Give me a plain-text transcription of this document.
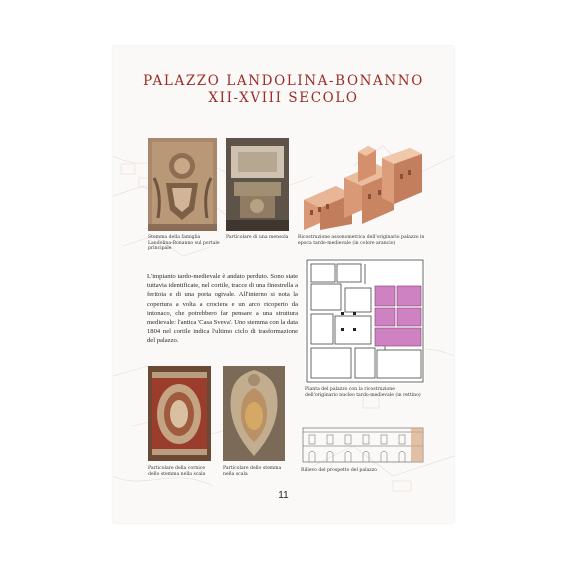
PALAZZO LANDOLINA-BONANNO
XII-XVIII SECOLO
Stemma della famiglia Landolina-Bonanno sul portale principale
Particolare di una mensola	Ricostruzione assonometrica dell'originario palazzo in epoca tardo-medievale (in colore arancio)
L'impianto tardo-medievale è andato perduto. Sono state tuttavia identificate, nel cortile, tracce di una finestrella a feritoia e di una porta ogivale. All'interno si nota la copertura a volta a crociera e un arco ricoperto da intonaco, che potrebbero far pensare a una struttura medievale: l'antica 'Casa Sveva'. Uno stemma con la data 1804 nel cortile indica l'ultimo ciclo di trasformazione del palazzo.
Pianta del palazzo con la ricostruzione dell'originario nucleo tardo-medievale (in rettino)
Particolare della cornice dello stemma nella scala
Particolare dello stemma nella scala
Rilievo del prospetto del palazzo
11
